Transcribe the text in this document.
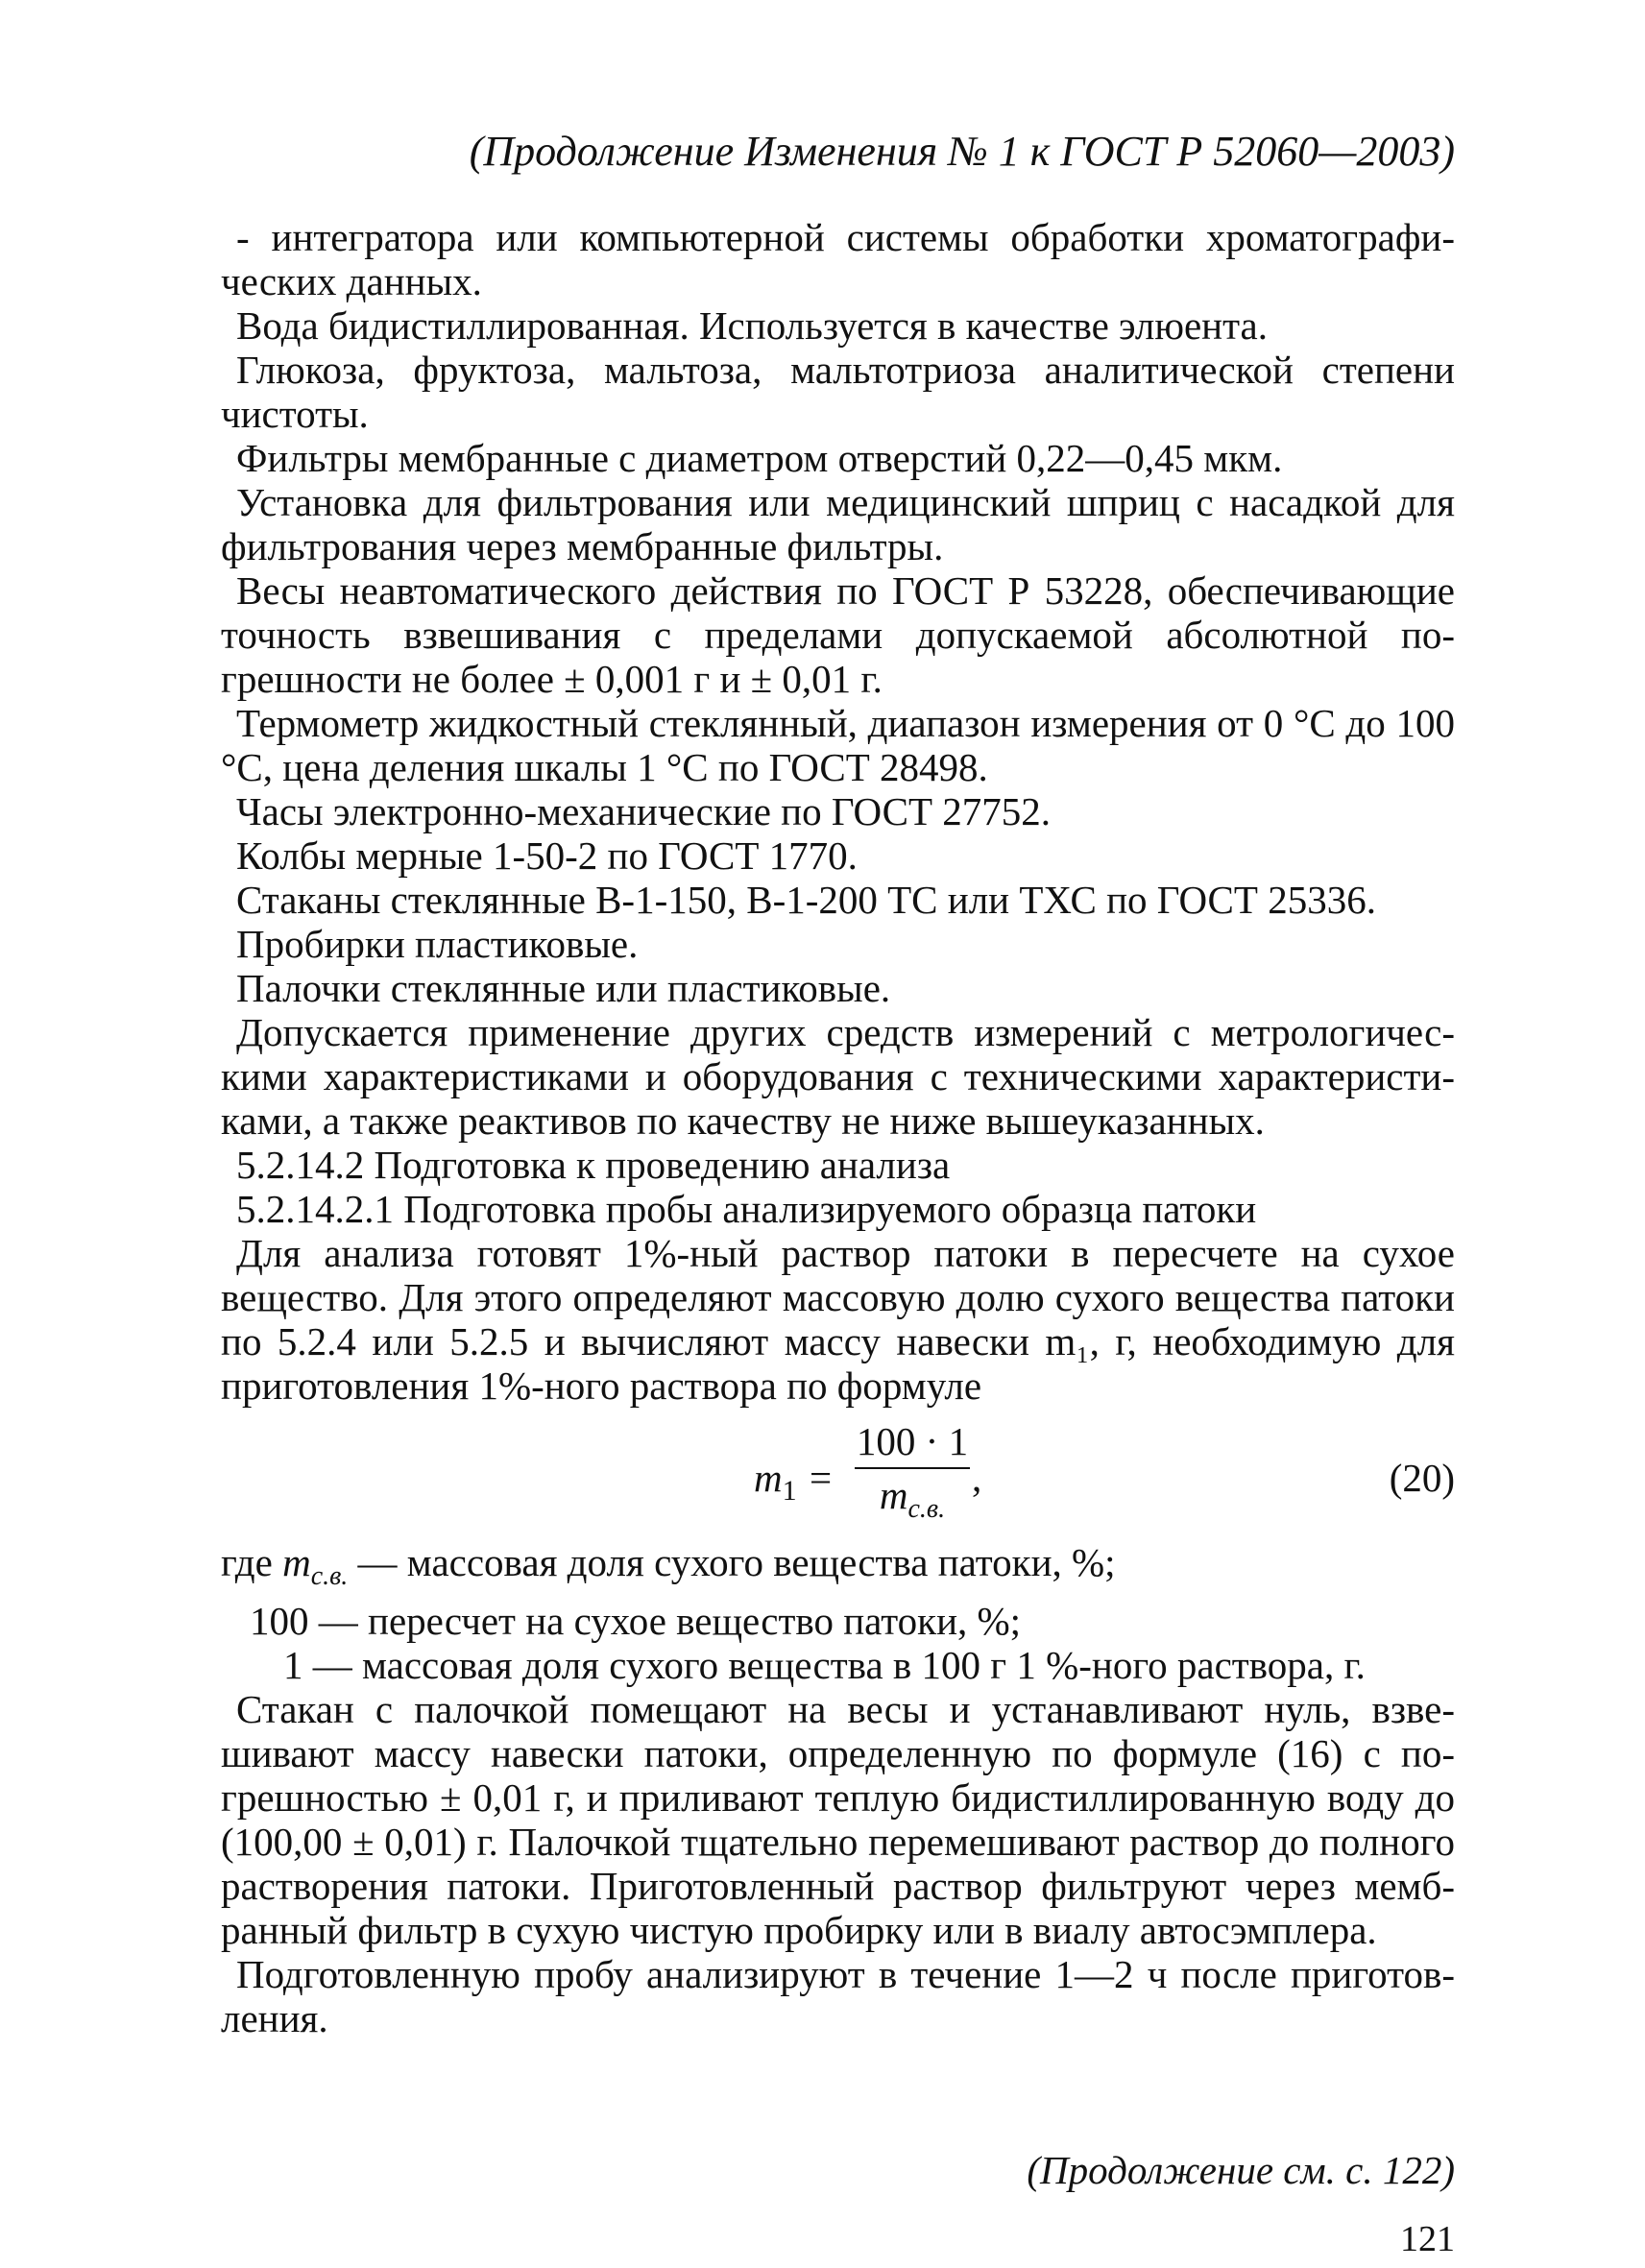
(Продолжение Изменения № 1 к ГОСТ Р 52060—2003)

- интегратора или компьютерной системы обработки хроматографических данных.

Вода бидистиллированная. Используется в качестве элюента.

Глюкоза, фруктоза, мальтоза, мальтотриоза аналитической степени чистоты.

Фильтры мембранные с диаметром отверстий 0,22—0,45 мкм.

Установка для фильтрования или медицинский шприц с насадкой для фильтрования через мембранные фильтры.

Весы неавтоматического действия по ГОСТ Р 53228, обеспечивающие точность взвешивания с пределами допускаемой абсолютной погрешности не более ± 0,001 г и ± 0,01 г.

Термометр жидкостный стеклянный, диапазон измерения от 0 °С до 100 °С, цена деления шкалы 1 °С по ГОСТ 28498.

Часы электронно-механические по ГОСТ 27752.

Колбы мерные 1-50-2 по ГОСТ 1770.

Стаканы стеклянные В-1-150, В-1-200 ТС или ТХС по ГОСТ 25336.

Пробирки пластиковые.

Палочки стеклянные или пластиковые.

Допускается применение других средств измерений с метрологическими характеристиками и оборудования с техническими характеристиками, а также реактивов по качеству не ниже вышеуказанных.

5.2.14.2 Подготовка к проведению анализа

5.2.14.2.1 Подготовка пробы анализируемого образца патоки

Для анализа готовят 1%-ный раствор патоки в пересчете на сухое вещество. Для этого определяют массовую долю сухого вещества патоки по 5.2.4 или 5.2.5 и вычисляют массу навески m₁, г, необходимую для приготовления 1%-ного раствора по формуле

$m_1$ =
100 · 1
$m_{с.в.}$
,	(20)

где $m_{с.в.}$ — массовая доля сухого вещества патоки, %;

100 — пересчет на сухое вещество патоки, %;

1 — массовая доля сухого вещества в 100 г 1 %-ного раствора, г.

Стакан с палочкой помещают на весы и устанавливают нуль, взвешивают массу навески патоки, определенную по формуле (16) с погрешностью ± 0,01 г, и приливают теплую бидистиллированную воду до (100,00 ± 0,01) г. Палочкой тщательно перемешивают раствор до полного растворения патоки. Приготовленный раствор фильтруют через мембранный фильтр в сухую чистую пробирку или в виалу автосэмплера.

Подготовленную пробу анализируют в течение 1—2 ч после приготовления.

(Продолжение см. с. 122)
121
